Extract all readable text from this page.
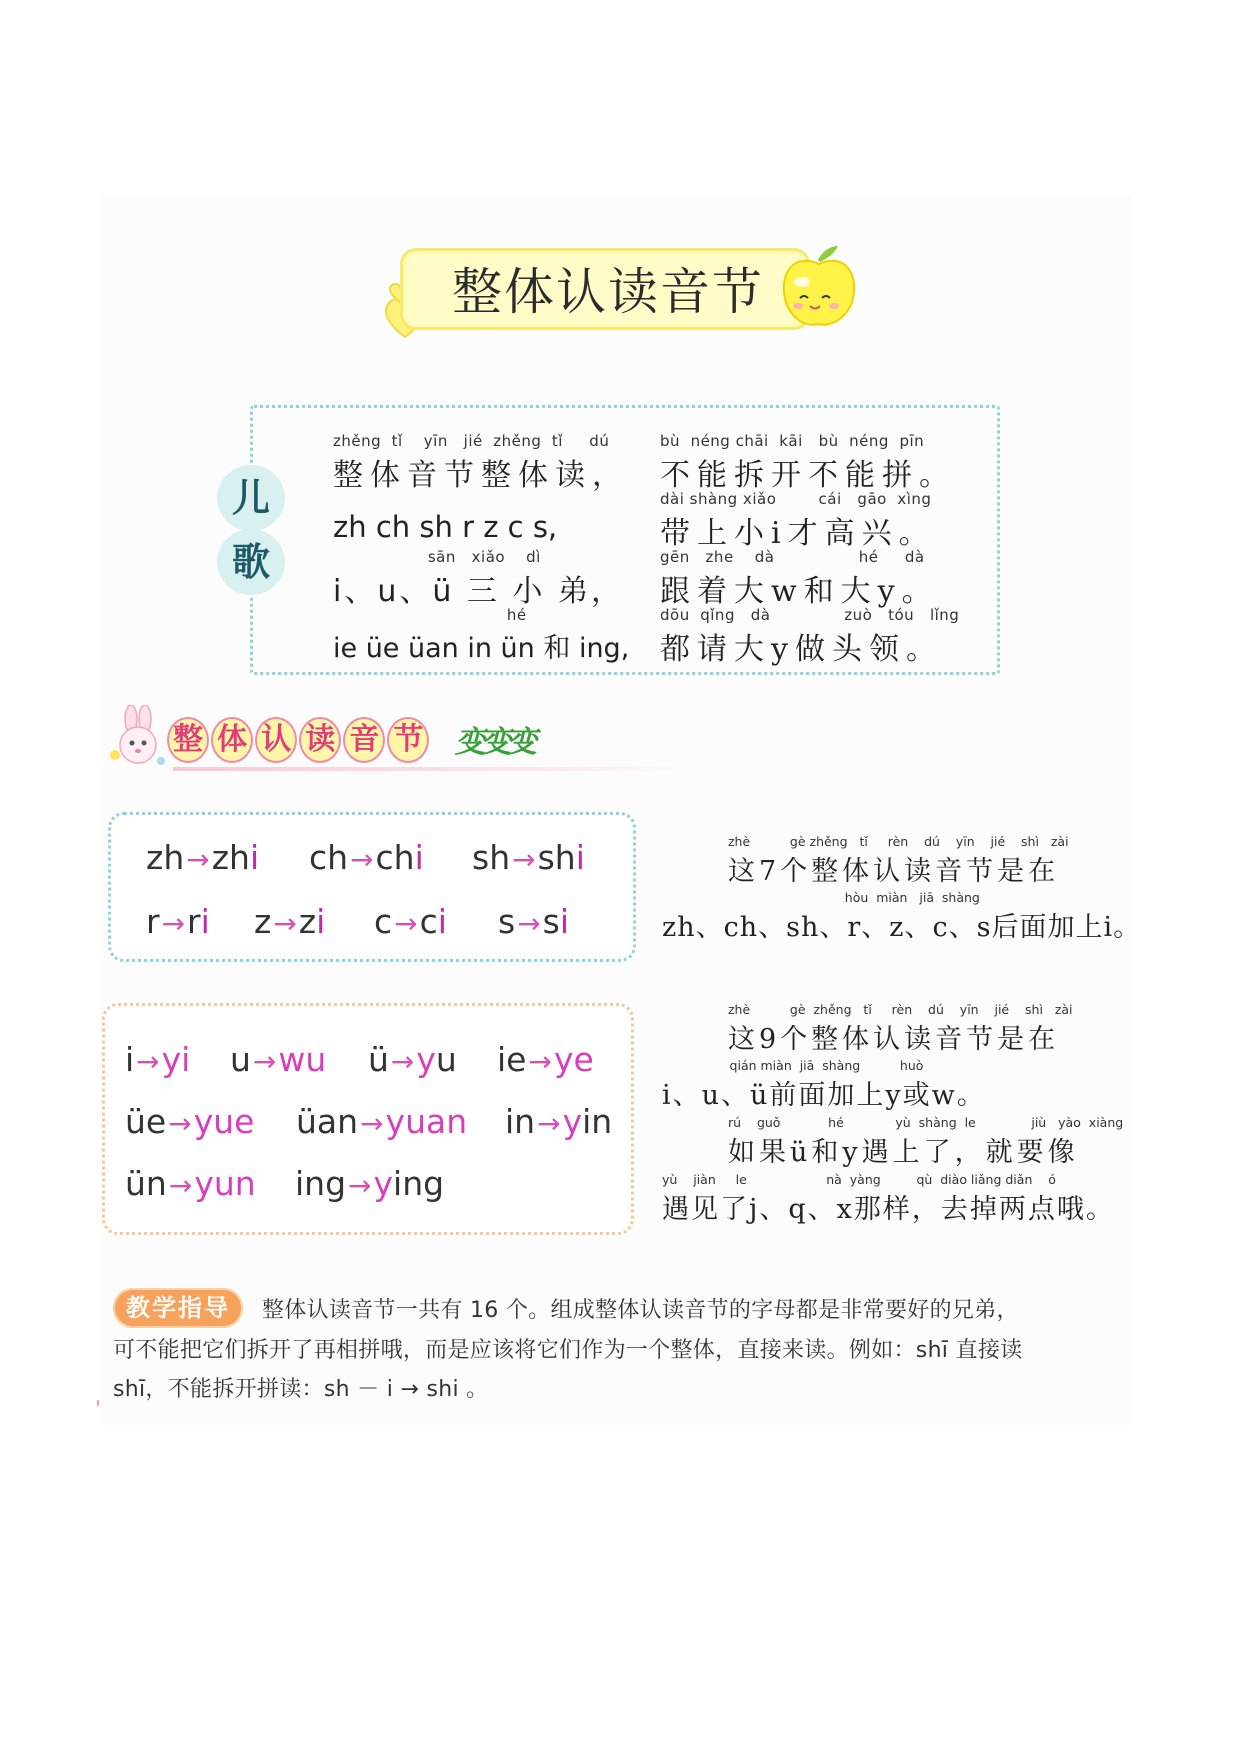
整体认读音节
儿
歌
zhěng  tǐ    yīn   jié  zhěng  tǐ     dú
整体音节整体读，
bù  néng chāi  kāi   bù  néng  pīn
不能拆开不能拼。
zh ch sh r z c s,
dài shàng xiǎo        cái   gāo  xìng
带上小i才高兴。
sān   xiǎo    dì
i、u、ü 三 小 弟，
gēn   zhe    dà                hé     dà
跟着大w和大y。
hé
ie üe üan in ün 和 ing,
dōu  qǐng   dà              zuò   tóu   lǐng
都请大y做头领。
整 体 认 读 音 节 变变变
zh→zhi ch→chi sh→shi
r→ri z→zi c→ci s→si
i→yi u→wu ü→yu ie→ye
üe→yue üan→yuan in→yin
ün→yun ing→ying
zhè          gè zhěng   tǐ     rèn    dú    yīn    jié    shì   zài
这7个整体认读音节是在
hòu  miàn   jiā  shàng
zh、ch、sh、r、z、c、s后面加上i。
zhè          gè  zhěng   tǐ     rèn    dú    yīn    jié    shì   zài
这9个整体认读音节是在
qián miàn  jiā  shàng          huò
i、u、ü前面加上y或w。
rú    guǒ            hé             yù  shàng  le              jiù   yào  xiàng
如果ü和y遇上了，就要像
yù    jiàn     le                    nà  yàng         qù  diào liǎng diǎn    ó
遇见了j、q、x那样，去掉两点哦。
教学指导	整体认读音节一共有 16 个。组成整体认读音节的字母都是非常要好的兄弟，
可不能把它们拆开了再相拼哦，而是应该将它们作为一个整体，直接来读。例如：shī 直接读
shī，不能拆开拼读：sh － i → shi 。
